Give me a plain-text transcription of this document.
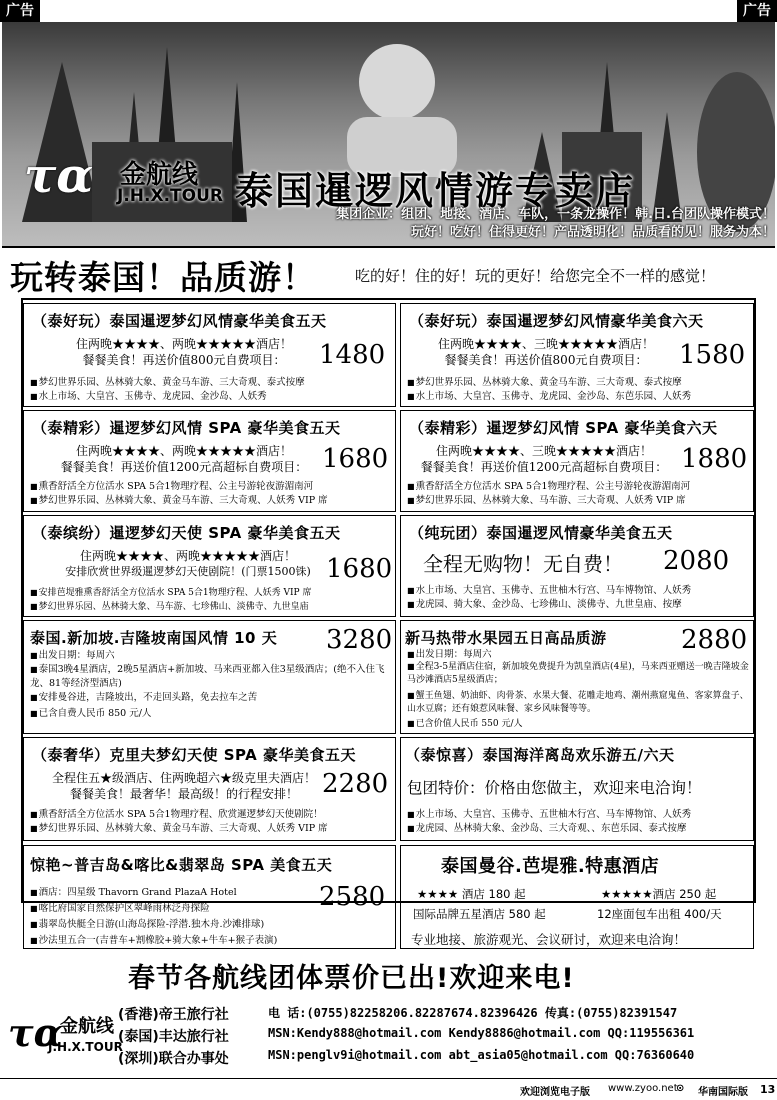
广告	广告
τα 金航线
J.H.X.TOUR 泰国暹逻风情游专卖店
集团企业：组团、地接、酒店、车队，一条龙操作！韩.日.台团队操作模式！
玩好！吃好！住得更好！产品透明化！品质看的见！服务为本！
玩转泰国！品质游！	吃的好！住的好！玩的更好！给您完全不一样的感觉！
（泰好玩）泰国暹逻梦幻风情豪华美食五天
住两晚★★★★、两晚★★★★★酒店！
餐餐美食！再送价值800元自费项目：	1480
■ 梦幻世界乐园、丛林骑大象、黄金马车游、三大奇观、泰式按摩
■ 水上市场、大皇宫、玉佛寺、龙虎园、金沙岛、人妖秀
（泰好玩）泰国暹逻梦幻风情豪华美食六天
住两晚★★★★、三晚★★★★★酒店！
餐餐美食！再送价值800元自费项目：	1580
■ 梦幻世界乐园、丛林骑大象、黄金马车游、三大奇观、泰式按摩
■ 水上市场、大皇宫、玉佛寺、龙虎园、金沙岛、东芭乐园、人妖秀
（泰精彩）暹逻梦幻风情 SPA 豪华美食五天
住两晚★★★★、两晚★★★★★酒店！
餐餐美食！再送价值1200元高超标自费项目： 1680
■ 熏香舒活全方位活水 SPA 5合1物理疗程、公主号游轮夜游湄南河
■ 梦幻世界乐园、丛林骑大象、黄金马车游、三大奇观、人妖秀 VIP 席
（泰精彩）暹逻梦幻风情 SPA 豪华美食六天
住两晚★★★★、三晚★★★★★酒店！
餐餐美食！再送价值1200元高超标自费项目： 1880
■ 熏香舒活全方位活水 SPA 5合1物理疗程、公主号游轮夜游湄南河
■ 梦幻世界乐园、丛林骑大象、马车游、三大奇观、人妖秀 VIP 席
（泰缤纷）暹逻梦幻天使 SPA 豪华美食五天
住两晚★★★★、两晚★★★★★酒店！
安排欣赏世界级暹逻梦幻天使剧院！(门票1500铢) 1680
■ 安排芭堤雅熏香舒活全方位活水 SPA 5合1物理疗程、人妖秀 VIP 席
■ 梦幻世界乐园、丛林骑大象、马车游、七珍佛山、淡佛寺、九世皇庙
（纯玩团）泰国暹逻风情豪华美食五天
全程无购物！无自费！ 2080
■ 水上市场、大皇宫、玉佛寺、五世柚木行宫、马车博物馆、人妖秀
■ 龙虎园、骑大象、金沙岛、七珍佛山、淡佛寺、九世皇庙、按摩
泰国.新加坡.吉隆坡南国风情 10 天 3280
■ 出发日期：每周六
■ 泰国3晚4星酒店，2晚5星酒店+新加坡、马来西亚都入住3星级酒店；(绝不入住飞龙、81等经济型酒店)
■ 安排曼谷进，吉隆坡出，不走回头路，免去拉车之苦
■ 已含自费人民币 850 元/人
新马热带水果园五日高品质游	2880
■ 出发日期：每周六
■ 全程3-5星酒店住宿，新加坡免费提升为凯皇酒店(4星)，马来西亚赠送一晚吉隆坡金马沙滩酒店5星级酒店；
■ 蟹王鱼翅、奶油虾、肉骨茶、水果大餐、花雕走地鸡、潮州燕窟鬼鱼、客家算盘子、山水豆腐；还有娘惹风味餐、家乡风味餐等等。
■ 已含价值人民币 550 元/人
（泰奢华）克里夫梦幻天使 SPA 豪华美食五天
全程住五★级酒店、住两晚超六★级克里夫酒店！
餐餐美食！最奢华！最高级！的行程安排！ 2280
■ 熏香舒活全方位活水 SPA 5合1物理疗程、欣赏暹逻梦幻天使剧院！
■ 梦幻世界乐园、丛林骑大象、黄金马车游、三大奇观、人妖秀 VIP 席
（泰惊喜）泰国海洋离岛欢乐游五/六天
包团特价：价格由您做主，欢迎来电洽询！
■ 水上市场、大皇宫、玉佛寺、五世柚木行宫、马车博物馆、人妖秀
■ 龙虎园、丛林骑大象、金沙岛、三大奇观、、东芭乐园、泰式按摩
惊艳~普吉岛&喀比&翡翠岛 SPA 美食五天
2580
■ 酒店：四星级 Thavorn Grand PlazaA Hotel
■ 喀比府国家自然保护区翠峰雨林泛舟探险
■ 翡翠岛快艇全日游(山海岛探险-浮潜.独木舟.沙滩排球)
■ 沙法里五合一(吉普车+割橡胶+骑大象+牛车+猴子表演)
泰国曼谷.芭堤雅.特惠酒店
★★★★ 酒店 180 起	★★★★★酒店 250 起
国际品牌五星酒店 580 起	12座面包车出租 400/天
专业地接、旅游观光、会议研讨，欢迎来电洽询！
春节各航线团体票价已出!欢迎来电!
τα
金航线
J.H.X.TOUR
(香港)帝王旅行社
(泰国)丰达旅行社
(深圳)联合办事处
电 话:(0755)82258206.82287674.82396426 传真:(0755)82391547
MSN:Kendy888@hotmail.com Kendy8886@hotmail.com QQ:119556361
MSN:penglv9i@hotmail.com abt_asia05@hotmail.com QQ:76360640
欢迎浏览电子版 www.zyoo.net
⊙ 华南国际版 13
